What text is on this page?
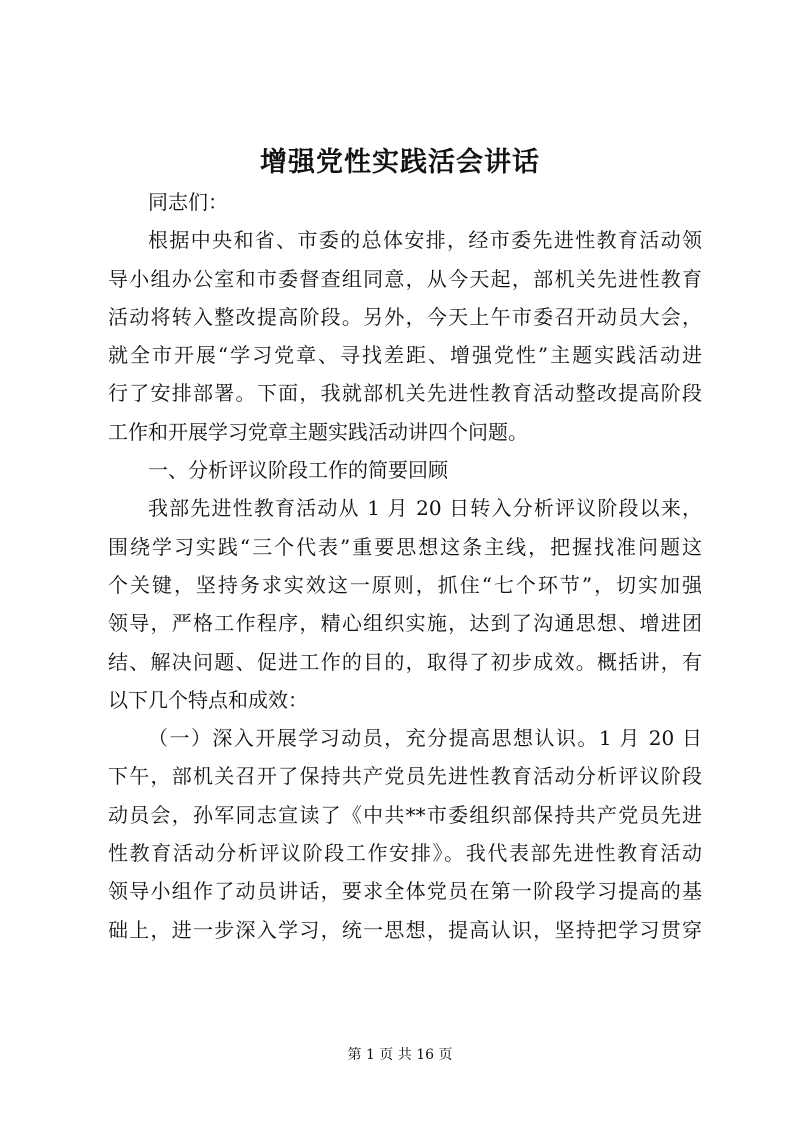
增强党性实践活会讲话
同志们：
根据中央和省、市委的总体安排，经市委先进性教育活动领
导小组办公室和市委督查组同意，从今天起，部机关先进性教育
活动将转入整改提高阶段。另外，今天上午市委召开动员大会，
就全市开展“学习党章、寻找差距、增强党性”主题实践活动进
行了安排部署。下面，我就部机关先进性教育活动整改提高阶段
工作和开展学习党章主题实践活动讲四个问题。
一、分析评议阶段工作的简要回顾
我部先进性教育活动从 1 月 20 日转入分析评议阶段以来，
围绕学习实践“三个代表”重要思想这条主线，把握找准问题这
个关键，坚持务求实效这一原则，抓住“七个环节”，切实加强
领导，严格工作程序，精心组织实施，达到了沟通思想、增进团
结、解决问题、促进工作的目的，取得了初步成效。概括讲，有
以下几个特点和成效：
（一）深入开展学习动员，充分提高思想认识。1 月 20 日
下午，部机关召开了保持共产党员先进性教育活动分析评议阶段
动员会，孙军同志宣读了《中共**市委组织部保持共产党员先进
性教育活动分析评议阶段工作安排》。我代表部先进性教育活动
领导小组作了动员讲话，要求全体党员在第一阶段学习提高的基
础上，进一步深入学习，统一思想，提高认识，坚持把学习贯穿
第 1 页 共 16 页
